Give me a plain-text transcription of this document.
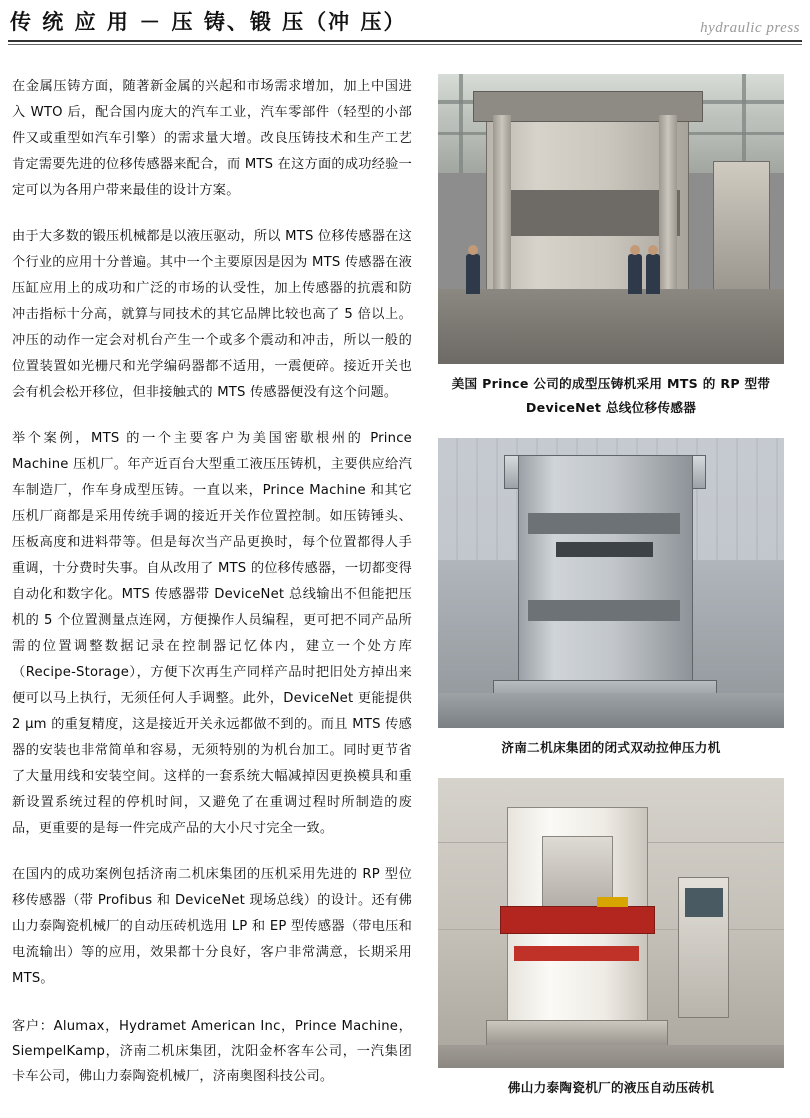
传 统 应 用 － 压 铸、锻 压（冲 压）	hydraulic press

在金属压铸方面，随著新金属的兴起和市场需求增加，加上中国进入 WTO 后，配合国内庞大的汽车工业，汽车零部件（轻型的小部件又或重型如汽车引擎）的需求量大增。改良压铸技术和生产工艺肯定需要先进的位移传感器来配合，而 MTS 在这方面的成功经验一定可以为各用户带来最佳的设计方案。

由于大多数的锻压机械都是以液压驱动，所以 MTS 位移传感器在这个行业的应用十分普遍。其中一个主要原因是因为 MTS 传感器在液压缸应用上的成功和广泛的市场的认受性，加上传感器的抗震和防冲击指标十分高，就算与同技术的其它品牌比较也高了 5 倍以上。冲压的动作一定会对机台产生一个或多个震动和冲击，所以一般的位置装置如光栅尺和光学编码器都不适用，一震便碎。接近开关也会有机会松开移位，但非接触式的 MTS 传感器便没有这个问题。

举个案例，MTS 的一个主要客户为美国密歇根州的 Prince Machine 压机厂。年产近百台大型重工液压压铸机，主要供应给汽车制造厂，作车身成型压铸。一直以来，Prince Machine 和其它压机厂商都是采用传统手调的接近开关作位置控制。如压铸锤头、压板高度和进料带等。但是每次当产品更换时，每个位置都得人手重调，十分费时失事。自从改用了 MTS 的位移传感器，一切都变得自动化和数字化。MTS 传感器带 DeviceNet 总线输出不但能把压机的 5 个位置测量点连网，方便操作人员编程，更可把不同产品所需的位置调整数据记录在控制器记忆体内，建立一个处方库（Recipe‑Storage），方便下次再生产同样产品时把旧处方掉出来便可以马上执行，无须任何人手调整。此外，DeviceNet 更能提供 2 μm 的重复精度，这是接近开关永远都做不到的。而且 MTS 传感器的安装也非常简单和容易，无须特别的为机台加工。同时更节省了大量用线和安装空间。这样的一套系统大幅减掉因更换模具和重新设置系统过程的停机时间，又避免了在重调过程时所制造的废品，更重要的是每一件完成产品的大小尺寸完全一致。

在国内的成功案例包括济南二机床集团的压机采用先进的 RP 型位移传感器（带 Profibus 和 DeviceNet 现场总线）的设计。还有佛山力泰陶瓷机械厂的自动压砖机选用 LP 和 EP 型传感器（带电压和电流输出）等的应用，效果都十分良好，客户非常满意，长期采用 MTS。

客户：Alumax，Hydramet American Inc，Prince Machine，SiempelKamp，济南二机床集团，沈阳金杯客车公司，一汽集团卡车公司，佛山力泰陶瓷机械厂，济南奥图科技公司。

美国 Prince 公司的成型压铸机采用 MTS 的 RP 型带 DeviceNet 总线位移传感器
济南二机床集团的闭式双动拉伸压力机
佛山力泰陶瓷机厂的液压自动压砖机
